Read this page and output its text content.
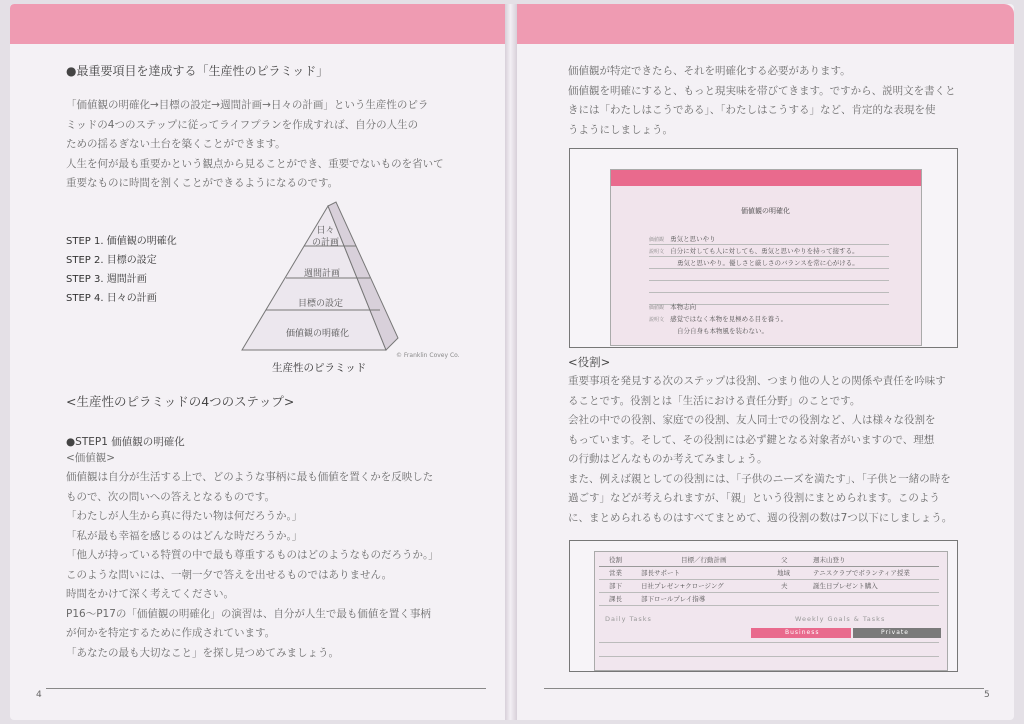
●最重要項目を達成する「生産性のピラミッド」
「価値観の明確化→目標の設定→週間計画→日々の計画」という生産性のピラ
ミッドの4つのステップに従ってライフプランを作成すれば、自分の人生の
ための揺るぎない土台を築くことができます。
人生を何が最も重要かという観点から見ることができ、重要でないものを省いて
重要なものに時間を割くことができるようになるのです。
STEP 1. 価値観の明確化
STEP 2. 目標の設定
STEP 3. 週間計画
STEP 4. 日々の計画
日々
の計画
週間計画
目標の設定
価値観の明確化
生産性のピラミッド
© Franklin Covey Co.
<生産性のピラミッドの4つのステップ>
●STEP1 価値観の明確化
<価値観>
価値観は自分が生活する上で、どのような事柄に最も価値を置くかを反映した
もので、次の問いへの答えとなるものです。
「わたしが人生から真に得たい物は何だろうか。」
「私が最も幸福を感じるのはどんな時だろうか。」
「他人が持っている特質の中で最も尊重するものはどのようなものだろうか。」
このような問いには、一朝一夕で答えを出せるものではありません。
時間をかけて深く考えてください。
P16〜P17の「価値観の明確化」の演習は、自分が人生で最も価値を置く事柄
が何かを特定するために作成されています。
「あなたの最も大切なこと」を探し見つめてみましょう。
4
価値観が特定できたら、それを明確化する必要があります。
価値観を明確にすると、もっと現実味を帯びてきます。ですから、説明文を書くと
きには「わたしはこうである」、「わたしはこうする」など、肯定的な表現を使
うようにしましょう。
価値観の明確化
価値観 勇気と思いやり
説明文 自分に対しても人に対しても、勇気と思いやりを持って接する。
勇気と思いやり。優しさと厳しさのバランスを常に心がける。
価値観 本物志向
説明文 感覚ではなく本物を見極める目を養う。
自分自身も本物風を装わない。
<役割>
重要事項を発見する次のステップは役割、つまり他の人との関係や責任を吟味す
ることです。役割とは「生活における責任分野」のことです。
会社の中での役割、家庭での役割、友人同士での役割など、人は様々な役割を
もっています。そして、その役割には必ず鍵となる対象者がいますので、理想
の行動はどんなものか考えてみましょう。
また、例えば親としての役割には、「子供のニーズを満たす」、「子供と一緒の時を
過ごす」などが考えられますが、「親」という役割にまとめられます。このよう
に、まとめられるものはすべてまとめて、週の役割の数は7つ以下にしましょう。
役割	目標／行動計画	父	週末山登り
営業	部長サポート	地域	テニスクラブでボランティア授業
部下	日社プレゼン+クロージング	夫	誕生日プレゼント購入
課長	部下ロールプレイ指導
Daily Tasks	Weekly Goals & Tasks
Business	Private
5
